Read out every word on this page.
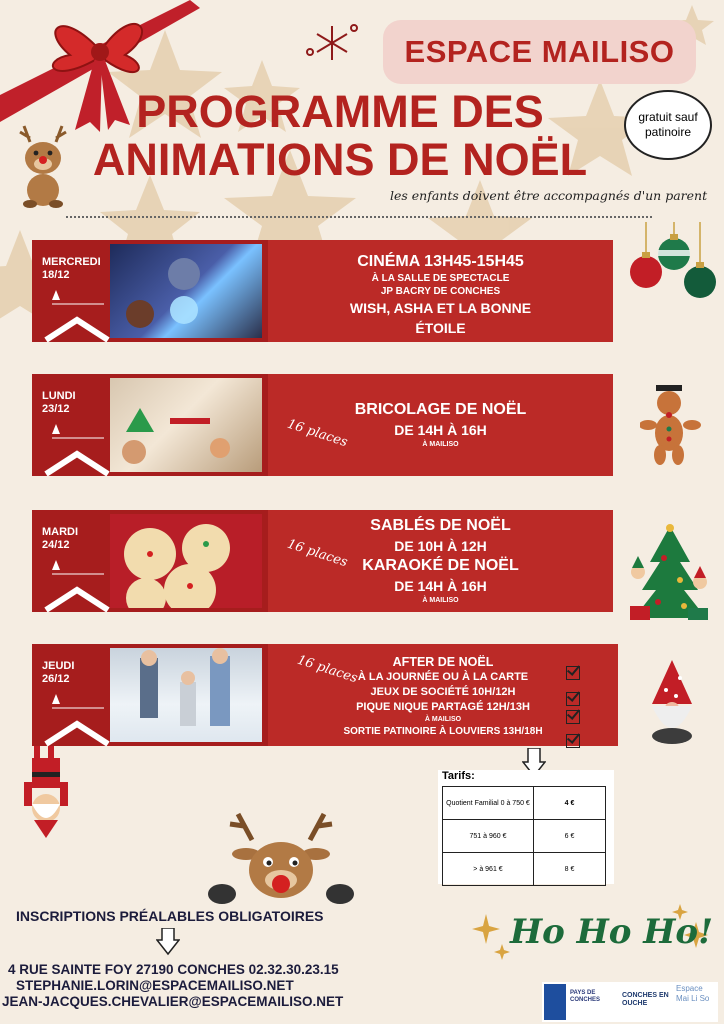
ESPACE MAILISO
PROGRAMME DES
ANIMATIONS DE NOËL
gratuit sauf
patinoire
les enfants doivent être accompagnés d'un parent
MERCREDI
18/12
CINÉMA 13H45-15H45
À LA SALLE DE SPECTACLE
JP BACRY DE CONCHES
WISH, ASHA ET LA BONNE
ÉTOILE
LUNDI
23/12	BRICOLAGE DE NOËL
DE 14H À 16H
À MAILISO
16 places
MARDI
24/12
SABLÉS DE NOËL
DE 10H À 12H
KARAOKÉ DE NOËL
DE 14H À 16H
À MAILISO
16 places
JEUDI
26/12
AFTER DE NOËL
À LA JOURNÉE OU À LA CARTE
JEUX DE SOCIÉTÉ 10H/12H
PIQUE NIQUE PARTAGÉ 12H/13H
À MAILISO
SORTIE PATINOIRE À LOUVIERS 13H/18H
16 places
Tarifs:
Quotient Familial 0 à 750 €	4 €
751 à 960 €	6 €
> à 961 €	8 €
INSCRIPTIONS PRÉALABLES OBLIGATOIRES
4 RUE SAINTE FOY 27190 CONCHES 02.32.30.23.15
STEPHANIE.LORIN@ESPACEMAILISO.NET
JEAN-JACQUES.CHEVALIER@ESPACEMAILISO.NET
Ho Ho Ho!
PAYS DE CONCHES
CONCHES EN OUCHE
Espace Mai Li So
